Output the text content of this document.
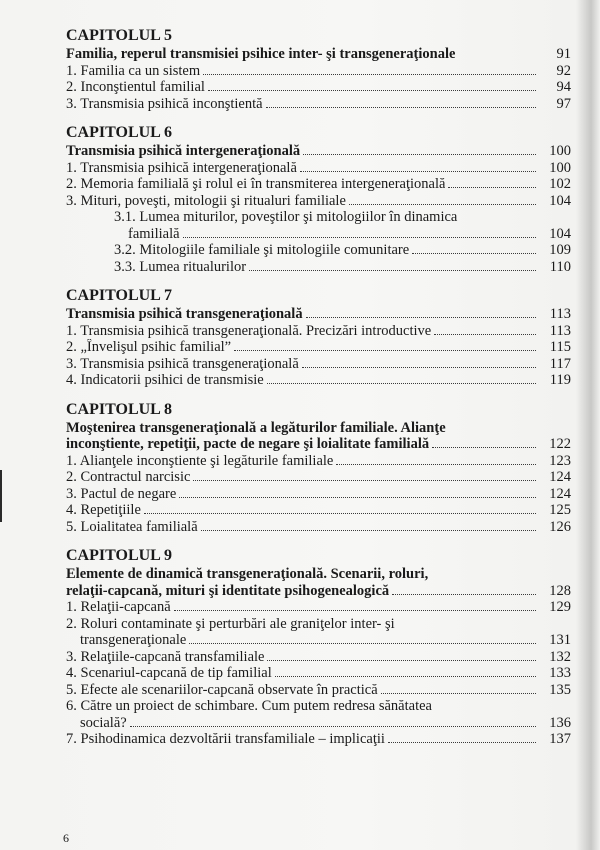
CAPITOLUL 5
Familia, reperul transmisiei psihice inter- şi transgeneraţionale	91
1. Familia ca un sistem	92
2. Inconştientul familial	94
3. Transmisia psihică inconştientă	97
CAPITOLUL 6
Transmisia psihică intergeneraţională	100
1. Transmisia psihică intergeneraţională	100
2. Memoria familială şi rolul ei în transmiterea intergeneraţională	102
3. Mituri, poveşti, mitologii şi ritualuri familiale	104
3.1. Lumea miturilor, poveştilor şi mitologiilor în dinamica
familială	104
3.2. Mitologiile familiale şi mitologiile comunitare	109
3.3. Lumea ritualurilor	110
CAPITOLUL 7
Transmisia psihică transgeneraţională	113
1. Transmisia psihică transgeneraţională. Precizări introductive	113
2. „Învelişul psihic familial”	115
3. Transmisia psihică transgeneraţională	117
4. Indicatorii psihici de transmisie	119
CAPITOLUL 8
Moştenirea transgeneraţională a legăturilor familiale. Alianţe
inconştiente, repetiţii, pacte de negare şi loialitate familială	122
1. Alianţele inconştiente şi legăturile familiale	123
2. Contractul narcisic	124
3. Pactul de negare	124
4. Repetiţiile	125
5. Loialitatea familială	126
CAPITOLUL 9
Elemente de dinamică transgeneraţională. Scenarii, roluri,
relaţii-capcană, mituri şi identitate psihogenealogică	128
1. Relaţii-capcană	129
2. Roluri contaminate şi perturbări ale graniţelor inter- şi
transgeneraţionale	131
3. Relaţiile-capcană transfamiliale	132
4. Scenariul-capcană de tip familial	133
5. Efecte ale scenariilor-capcană observate în practică	135
6. Către un proiect de schimbare. Cum putem redresa sănătatea
socială?	136
7. Psihodinamica dezvoltării transfamiliale – implicaţii	137
6
